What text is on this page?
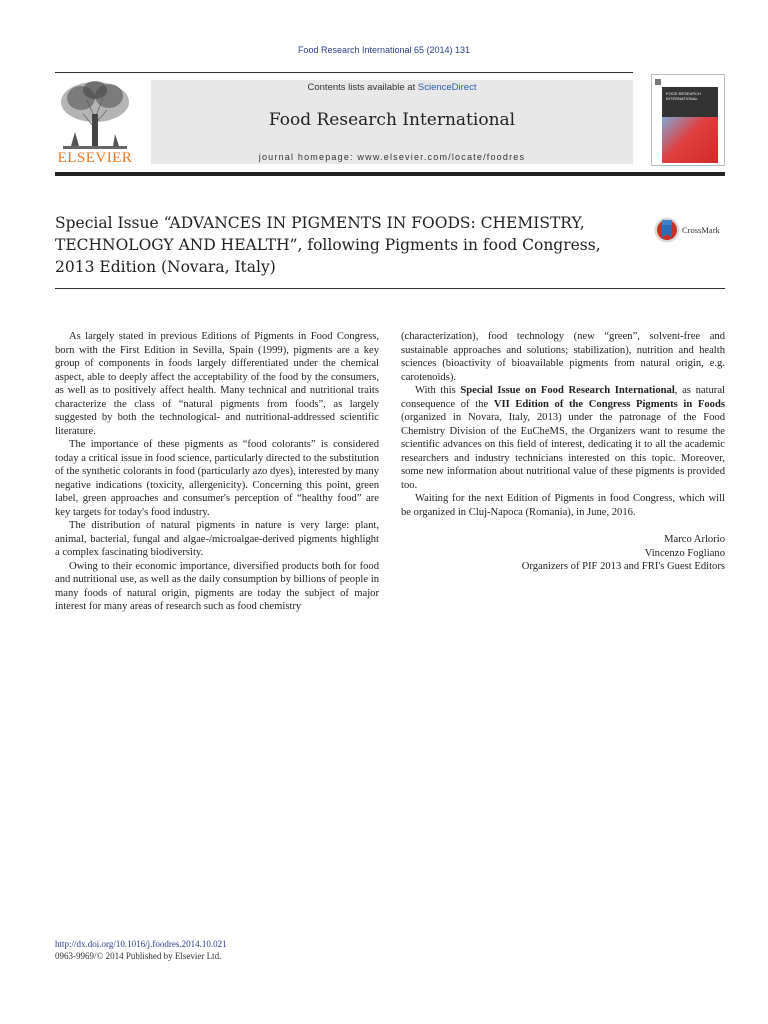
Food Research International 65 (2014) 131
ELSEVIER
Contents lists available at ScienceDirect
Food Research International
journal homepage: www.elsevier.com/locate/foodres
FOOD RESEARCH INTERNATIONAL
Special Issue “ADVANCES IN PIGMENTS IN FOODS: CHEMISTRY, TECHNOLOGY AND HEALTH”, following Pigments in food Congress, 2013 Edition (Novara, Italy)
CrossMark

As largely stated in previous Editions of Pigments in Food Congress, born with the First Edition in Sevilla, Spain (1999), pigments are a key group of components in foods largely differentiated under the chemical aspect, able to deeply affect the acceptability of the food by the consumers, as well as to positively affect health. Many technical and nutritional traits characterize the class of “natural pigments from foods”, as largely suggested by both the technological- and nutritional-addressed scientific literature.

The importance of these pigments as “food colorants” is considered today a critical issue in food science, particularly directed to the substitution of the synthetic colorants in food (particularly azo dyes), interested by many negative indications (toxicity, allergenicity). Concerning this point, green label, green approaches and consumer's perception of “healthy food” are key targets for today's food industry.

The distribution of natural pigments in nature is very large: plant, animal, bacterial, fungal and algae-/microalgae-derived pigments highlight a complex fascinating biodiversity.

Owing to their economic importance, diversified products both for food and nutritional use, as well as the daily consumption by billions of people in many foods of natural origin, pigments are today the subject of major interest for many areas of research such as food chemistry

(characterization), food technology (new “green”, solvent-free and sustainable approaches and solutions; stabilization), nutrition and health sciences (bioactivity of bioavailable pigments from natural origin, e.g. carotenoids).

With this Special Issue on Food Research International, as natural consequence of the VII Edition of the Congress Pigments in Foods (organized in Novara, Italy, 2013) under the patronage of the Food Chemistry Division of the EuCheMS, the Organizers want to resume the scientific advances on this field of interest, dedicating it to all the academic researchers and industry technicians interested on this topic. Moreover, some new information about nutritional value of these pigments is provided too.

Waiting for the next Edition of Pigments in food Congress, which will be organized in Cluj-Napoca (Romania), in June, 2016.

Marco Arlorio
Vincenzo Fogliano
Organizers of PIF 2013 and FRI's Guest Editors
http://dx.doi.org/10.1016/j.foodres.2014.10.021
0963-9969/© 2014 Published by Elsevier Ltd.
